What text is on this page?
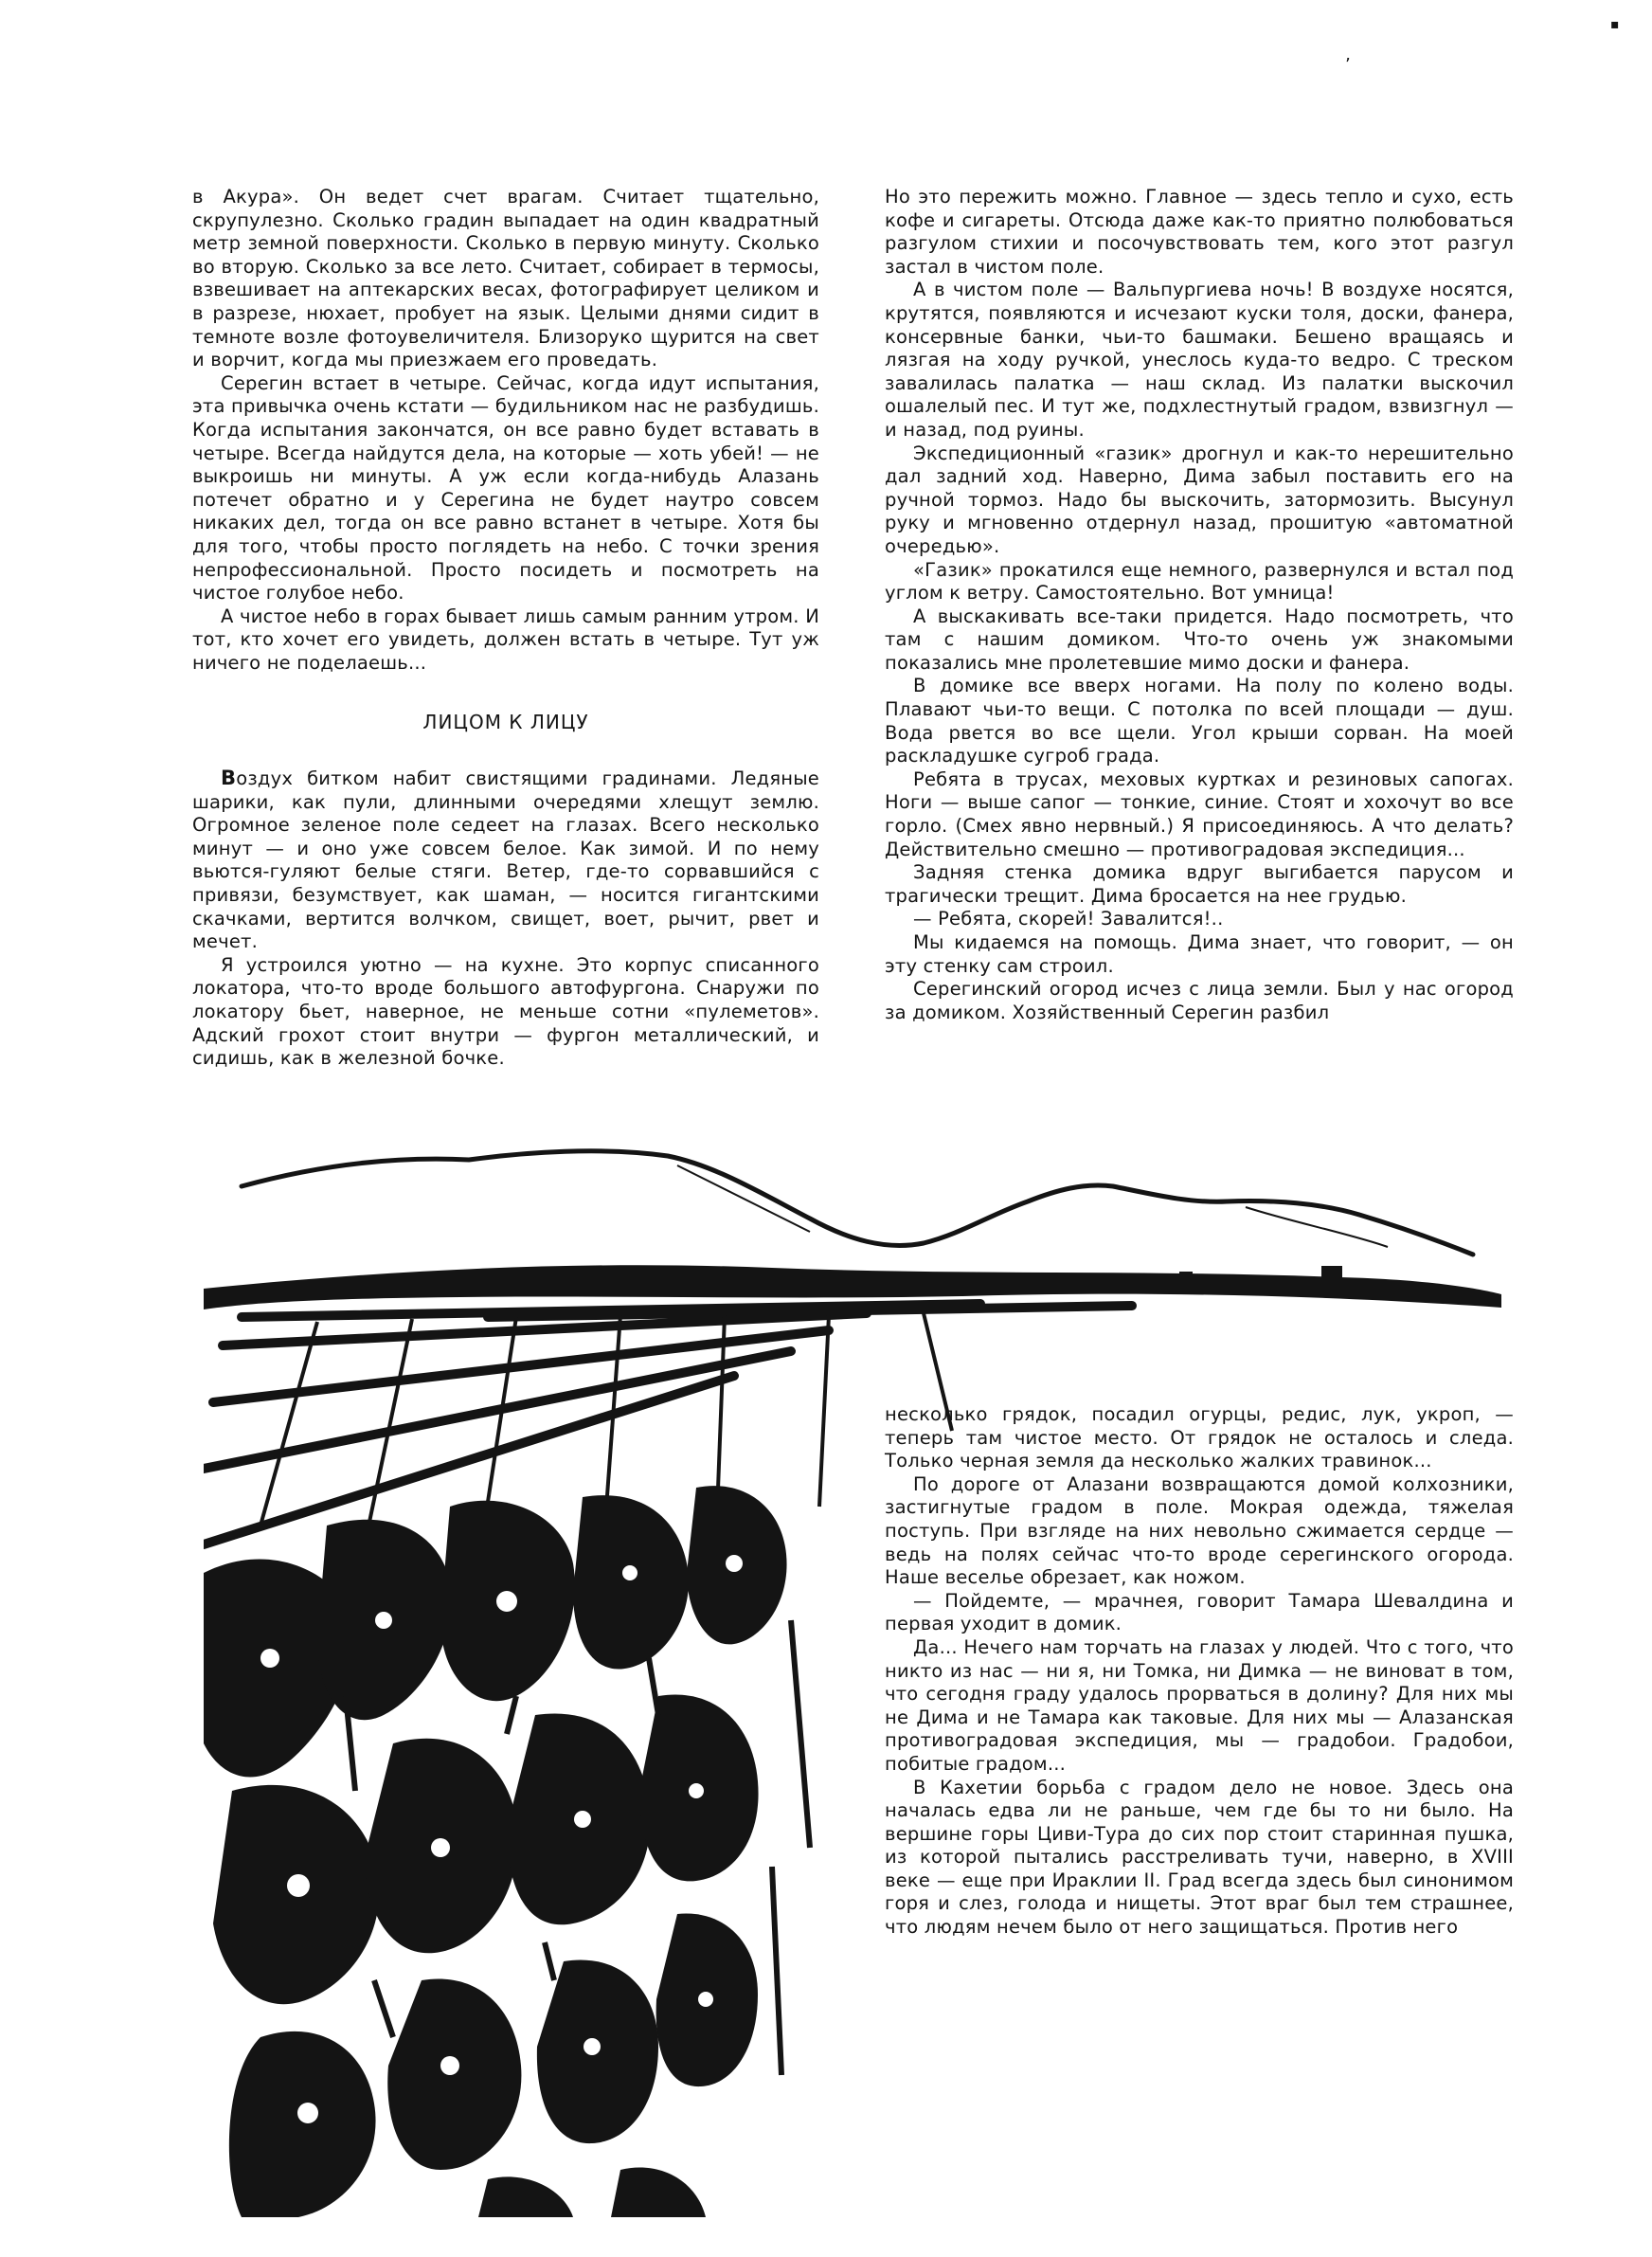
▪
’

в Акура». Он ведет счет врагам. Считает тщательно, скрупулезно. Сколько градин выпадает на один квадратный метр земной поверхности. Сколько в первую минуту. Сколько во вторую. Сколько за все лето. Считает, собирает в термосы, взвешивает на аптекарских весах, фотографирует целиком и в разрезе, нюхает, пробует на язык. Целыми днями сидит в темноте возле фотоувеличителя. Близоруко щурится на свет и ворчит, когда мы приезжаем его проведать.

Серегин встает в четыре. Сейчас, когда идут испытания, эта привычка очень кстати — будильником нас не разбудишь. Когда испытания закончатся, он все равно будет вставать в четыре. Всегда найдутся дела, на которые — хоть убей! — не выкроишь ни минуты. А уж если когда-нибудь Алазань потечет обратно и у Серегина не будет наутро совсем никаких дел, тогда он все равно встанет в четыре. Хотя бы для того, чтобы просто поглядеть на небо. С точки зрения непрофессиональной. Просто посидеть и посмотреть на чистое голубое небо.

А чистое небо в горах бывает лишь самым ранним утром. И тот, кто хочет его увидеть, должен встать в четыре. Тут уж ничего не поделаешь...

ЛИЦОМ К ЛИЦУ

Воздух битком набит свистящими градинами. Ледяные шарики, как пули, длинными очередями хлещут землю. Огромное зеленое поле седеет на глазах. Всего несколько минут — и оно уже совсем белое. Как зимой. И по нему вьются-гуляют белые стяги. Ветер, где-то сорвавшийся с привязи, безумствует, как шаман, — носится гигантскими скачками, вертится волчком, свищет, воет, рычит, рвет и мечет.

Я устроился уютно — на кухне. Это корпус списанного локатора, что-то вроде большого автофургона. Снаружи по локатору бьет, наверное, не меньше сотни «пулеметов». Адский грохот стоит внутри — фургон металлический, и сидишь, как в железной бочке.

Но это пережить можно. Главное — здесь тепло и сухо, есть кофе и сигареты. Отсюда даже как-то приятно полюбоваться разгулом стихии и посочувствовать тем, кого этот разгул застал в чистом поле.

А в чистом поле — Вальпургиева ночь! В воздухе носятся, крутятся, появляются и исчезают куски толя, доски, фанера, консервные банки, чьи-то башмаки. Бешено вращаясь и лязгая на ходу ручкой, унеслось куда-то ведро. С треском завалилась палатка — наш склад. Из палатки выскочил ошалелый пес. И тут же, подхлестнутый градом, взвизгнул — и назад, под руины.

Экспедиционный «газик» дрогнул и как-то нерешительно дал задний ход. Наверно, Дима забыл поставить его на ручной тормоз. Надо бы выскочить, затормозить. Высунул руку и мгновенно отдернул назад, прошитую «автоматной очередью».

«Газик» прокатился еще немного, развернулся и встал под углом к ветру. Самостоятельно. Вот умница!

А выскакивать все-таки придется. Надо посмотреть, что там с нашим домиком. Что-то очень уж знакомыми показались мне пролетевшие мимо доски и фанера.

В домике все вверх ногами. На полу по колено воды. Плавают чьи-то вещи. С потолка по всей площади — душ. Вода рвется во все щели. Угол крыши сорван. На моей раскладушке сугроб града.

Ребята в трусах, меховых куртках и резиновых сапогах. Ноги — выше сапог — тонкие, синие. Стоят и хохочут во все горло. (Смех явно нервный.) Я присоединяюсь. А что делать? Действительно смешно — противоградовая экспедиция...

Задняя стенка домика вдруг выгибается парусом и трагически трещит. Дима бросается на нее грудью.

— Ребята, скорей! Завалится!..

Мы кидаемся на помощь. Дима знает, что говорит, — он эту стенку сам строил.

Серегинский огород исчез с лица земли. Был у нас огород за домиком. Хозяйственный Серегин разбил

несколько грядок, посадил огурцы, редис, лук, укроп, — теперь там чистое место. От грядок не осталось и следа. Только черная земля да несколько жалких травинок...

По дороге от Алазани возвращаются домой колхозники, застигнутые градом в поле. Мокрая одежда, тяжелая поступь. При взгляде на них невольно сжимается сердце — ведь на полях сейчас что-то вроде серегинского огорода. Наше веселье обрезает, как ножом.

— Пойдемте, — мрачнея, говорит Тамара Шевалдина и первая уходит в домик.

Да... Нечего нам торчать на глазах у людей. Что с того, что никто из нас — ни я, ни Томка, ни Димка — не виноват в том, что сегодня граду удалось прорваться в долину? Для них мы не Дима и не Тамара как таковые. Для них мы — Алазанская противоградовая экспедиция, мы — градобои. Градобои, побитые градом...

В Кахетии борьба с градом дело не новое. Здесь она началась едва ли не раньше, чем где бы то ни было. На вершине горы Циви-Тура до сих пор стоит старинная пушка, из которой пытались расстреливать тучи, наверно, в XVIII веке — еще при Ираклии II. Град всегда здесь был синонимом горя и слез, голода и нищеты. Этот враг был тем страшнее, что людям нечем было от него защищаться. Против него
